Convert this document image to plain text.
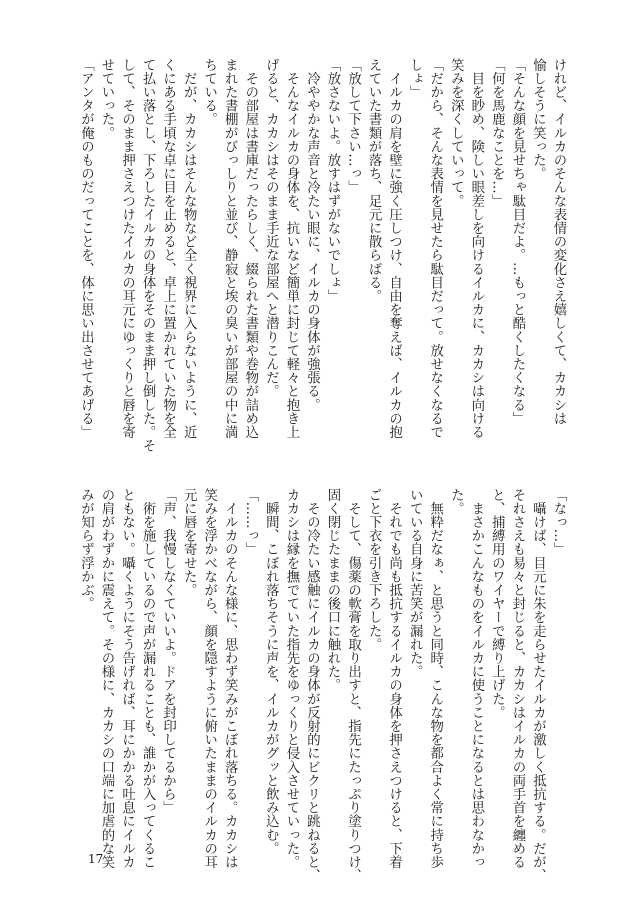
けれど、イルカのそんな表情の変化さえ嬉しくて、カカシは
愉しそうに笑った。
「そんな顔を見せちゃ駄目だよ。…もっと酷くしたくなる」
「何を馬鹿なことを…」
　目を眇め、険しい眼差しを向けるイルカに、カカシは向ける
笑みを深くしていって。
「だから、そんな表情を見せたら駄目だって。放せなくなるで
しょ」
　イルカの肩を壁に強く圧しつけ、自由を奪えば、イルカの抱
えていた書類が落ち、足元に散らばる。
「放して下さい…っ」
「放さないよ。放すはずがないでしょ」
　冷ややかな声音と冷たい眼に、イルカの身体が強張る。
　そんなイルカの身体を、抗いなど簡単に封じて軽々と抱き上
げると、カカシはそのまま手近な部屋へと潜りこんだ。
　その部屋は書庫だったらしく、綴られた書類や巻物が詰め込
まれた書棚がびっしりと並び、静寂と埃の臭いが部屋の中に満
ちている。
　だが、カカシはそんな物など全く視界に入らないように、近
くにある手頃な卓に目を止めると、卓上に置かれていた物を全
て払い落とし、下ろしたイルカの身体をそのまま押し倒した。そ
して、そのまま押さえつけたイルカの耳元にゆっくりと唇を寄
せていった。
「アンタが俺のものだってことを、体に思い出させてあげる」
「なっ…」
　囁けば、目元に朱を走らせたイルカが激しく抵抗する。だが、
それさえも易々と封じると、カカシはイルカの両手首を纏める
と、捕縛用のワイヤーで縛り上げた。
　まさかこんなものをイルカに使うことになるとは思わなかっ
た。
　無粋だなぁ、と思うと同時、こんな物を都合よく常に持ち歩
いている自身に苦笑が漏れた。
　それでも尚も抵抗するイルカの身体を押さえつけると、下着
ごと下衣を引き下ろした。
　そして、傷薬の軟膏を取り出すと、指先にたっぷり塗りつけ、
固く閉じたままの後口に触れた。
　その冷たい感触にイルカの身体が反射的にビクリと跳ねると、
カカシは縁を撫でていた指先をゆっくりと侵入させていった。
　瞬間、こぼれ落ちそうに声を、イルカがグッと飲み込む。
「……っ」
　イルカのそんな様に、思わず笑みがこぼれ落ちる。カカシは
笑みを浮かべながら、顔を隠すように俯いたままのイルカの耳
元に唇を寄せた。
「声、我慢しなくていいよ。ドアを封印してるから」
　術を施しているので声が漏れることも、誰かが入ってくるこ
ともない。囁くようにそう告げれば、耳にかかる吐息にイルカ
の肩がわずかに震えて。その様に、カカシの口端に加虐的な笑
みが知らず浮かぶ。
17
